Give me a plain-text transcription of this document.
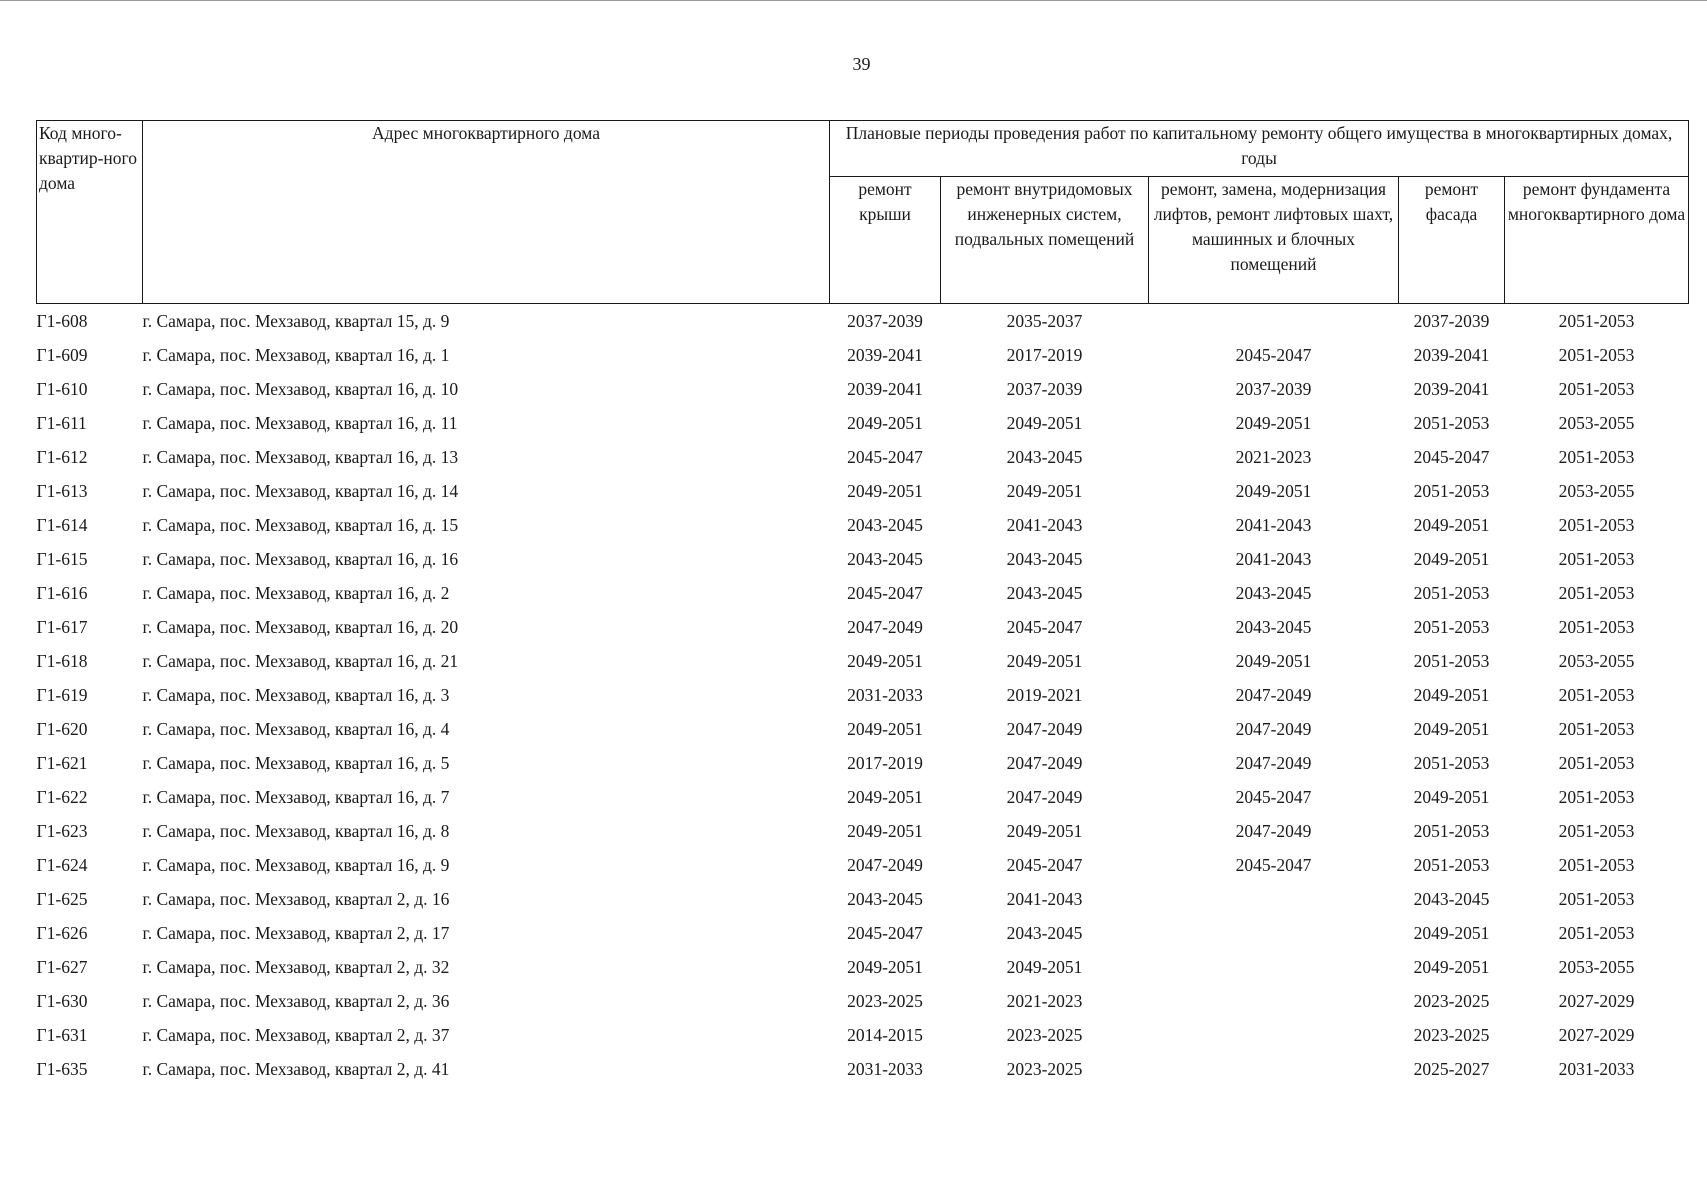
39
Код много-квартир-ного дома	Адрес многоквартирного дома	Плановые периоды проведения работ по капитальному ремонту общего имущества в многоквартирных домах, годы				
		ремонт крыши	ремонт внутридомовых инженерных систем, подвальных помещений	ремонт, замена, модернизация лифтов, ремонт лифтовых шахт, машинных и блочных помещений	ремонт фасада	ремонт фундамента многоквартирного дома
Г1-608	г. Самара, пос. Мехзавод, квартал 15, д. 9	2037-2039	2035-2037		2037-2039	2051-2053
Г1-609	г. Самара, пос. Мехзавод, квартал 16, д. 1	2039-2041	2017-2019	2045-2047	2039-2041	2051-2053
Г1-610	г. Самара, пос. Мехзавод, квартал 16, д. 10	2039-2041	2037-2039	2037-2039	2039-2041	2051-2053
Г1-611	г. Самара, пос. Мехзавод, квартал 16, д. 11	2049-2051	2049-2051	2049-2051	2051-2053	2053-2055
Г1-612	г. Самара, пос. Мехзавод, квартал 16, д. 13	2045-2047	2043-2045	2021-2023	2045-2047	2051-2053
Г1-613	г. Самара, пос. Мехзавод, квартал 16, д. 14	2049-2051	2049-2051	2049-2051	2051-2053	2053-2055
Г1-614	г. Самара, пос. Мехзавод, квартал 16, д. 15	2043-2045	2041-2043	2041-2043	2049-2051	2051-2053
Г1-615	г. Самара, пос. Мехзавод, квартал 16, д. 16	2043-2045	2043-2045	2041-2043	2049-2051	2051-2053
Г1-616	г. Самара, пос. Мехзавод, квартал 16, д. 2	2045-2047	2043-2045	2043-2045	2051-2053	2051-2053
Г1-617	г. Самара, пос. Мехзавод, квартал 16, д. 20	2047-2049	2045-2047	2043-2045	2051-2053	2051-2053
Г1-618	г. Самара, пос. Мехзавод, квартал 16, д. 21	2049-2051	2049-2051	2049-2051	2051-2053	2053-2055
Г1-619	г. Самара, пос. Мехзавод, квартал 16, д. 3	2031-2033	2019-2021	2047-2049	2049-2051	2051-2053
Г1-620	г. Самара, пос. Мехзавод, квартал 16, д. 4	2049-2051	2047-2049	2047-2049	2049-2051	2051-2053
Г1-621	г. Самара, пос. Мехзавод, квартал 16, д. 5	2017-2019	2047-2049	2047-2049	2051-2053	2051-2053
Г1-622	г. Самара, пос. Мехзавод, квартал 16, д. 7	2049-2051	2047-2049	2045-2047	2049-2051	2051-2053
Г1-623	г. Самара, пос. Мехзавод, квартал 16, д. 8	2049-2051	2049-2051	2047-2049	2051-2053	2051-2053
Г1-624	г. Самара, пос. Мехзавод, квартал 16, д. 9	2047-2049	2045-2047	2045-2047	2051-2053	2051-2053
Г1-625	г. Самара, пос. Мехзавод, квартал 2, д. 16	2043-2045	2041-2043		2043-2045	2051-2053
Г1-626	г. Самара, пос. Мехзавод, квартал 2, д. 17	2045-2047	2043-2045		2049-2051	2051-2053
Г1-627	г. Самара, пос. Мехзавод, квартал 2, д. 32	2049-2051	2049-2051		2049-2051	2053-2055
Г1-630	г. Самара, пос. Мехзавод, квартал 2, д. 36	2023-2025	2021-2023		2023-2025	2027-2029
Г1-631	г. Самара, пос. Мехзавод, квартал 2, д. 37	2014-2015	2023-2025		2023-2025	2027-2029
Г1-635	г. Самара, пос. Мехзавод, квартал 2, д. 41	2031-2033	2023-2025		2025-2027	2031-2033
